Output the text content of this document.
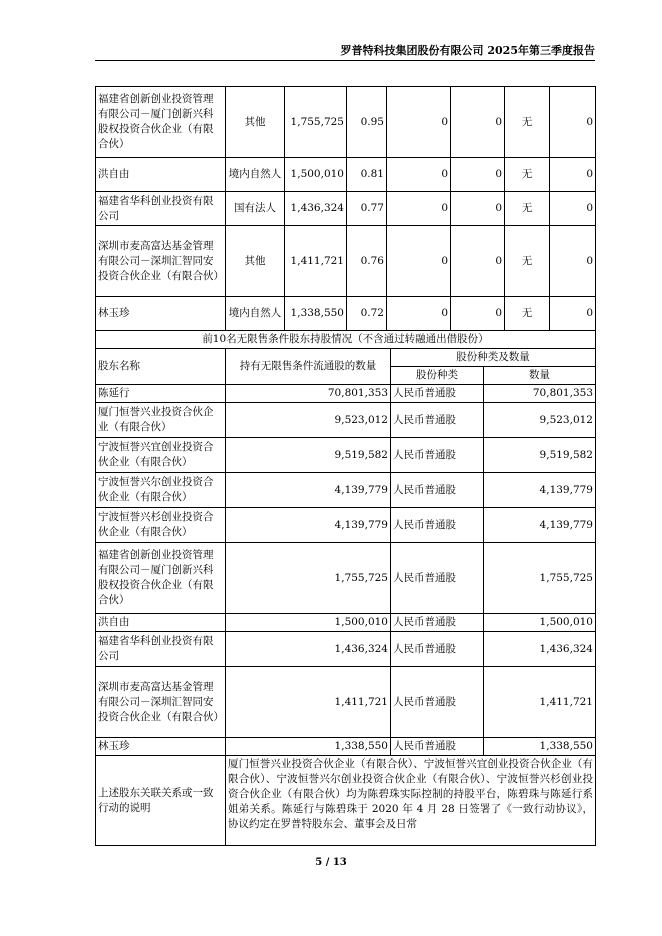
罗普特科技集团股份有限公司 2025年第三季度报告
福建省创新创业投资管理有限公司－厦门创新兴科股权投资合伙企业（有限合伙）	其他	1,755,725	0.95	0	0	无	0
洪自由	境内自然人	1,500,010	0.81	0	0	无	0
福建省华科创业投资有限公司	国有法人	1,436,324	0.77	0	0	无	0
深圳市麦高富达基金管理有限公司－深圳汇智同安投资合伙企业（有限合伙）	其他	1,411,721	0.76	0	0	无	0
林玉珍	境内自然人	1,338,550	0.72	0	0	无	0
前10名无限售条件股东持股情况（不含通过转融通出借股份）			
股东名称	持有无限售条件流通股的数量	股份种类及数量	
		股份种类	数量
陈延行	70,801,353	人民币普通股	70,801,353
厦门恒誉兴业投资合伙企业（有限合伙）	9,523,012	人民币普通股	9,523,012
宁波恒誉兴宜创业投资合伙企业（有限合伙）	9,519,582	人民币普通股	9,519,582
宁波恒誉兴尔创业投资合伙企业（有限合伙）	4,139,779	人民币普通股	4,139,779
宁波恒誉兴杉创业投资合伙企业（有限合伙）	4,139,779	人民币普通股	4,139,779
福建省创新创业投资管理有限公司－厦门创新兴科股权投资合伙企业（有限合伙）	1,755,725	人民币普通股	1,755,725
洪自由	1,500,010	人民币普通股	1,500,010
福建省华科创业投资有限公司	1,436,324	人民币普通股	1,436,324
深圳市麦高富达基金管理有限公司－深圳汇智同安投资合伙企业（有限合伙）	1,411,721	人民币普通股	1,411,721
林玉珍	1,338,550	人民币普通股	1,338,550
上述股东关联关系或一致行动的说明	厦门恒誉兴业投资合伙企业（有限合伙）、宁波恒誉兴宜创业投资合伙企业（有限合伙）、宁波恒誉兴尔创业投资合伙企业（有限合伙）、宁波恒誉兴杉创业投资合伙企业（有限合伙）均为陈碧珠实际控制的持股平台，陈碧珠与陈延行系姐弟关系。陈延行与陈碧珠于 2020 年 4 月 28 日签署了《一致行动协议》，协议约定在罗普特股东会、董事会及日常		
5 / 13
